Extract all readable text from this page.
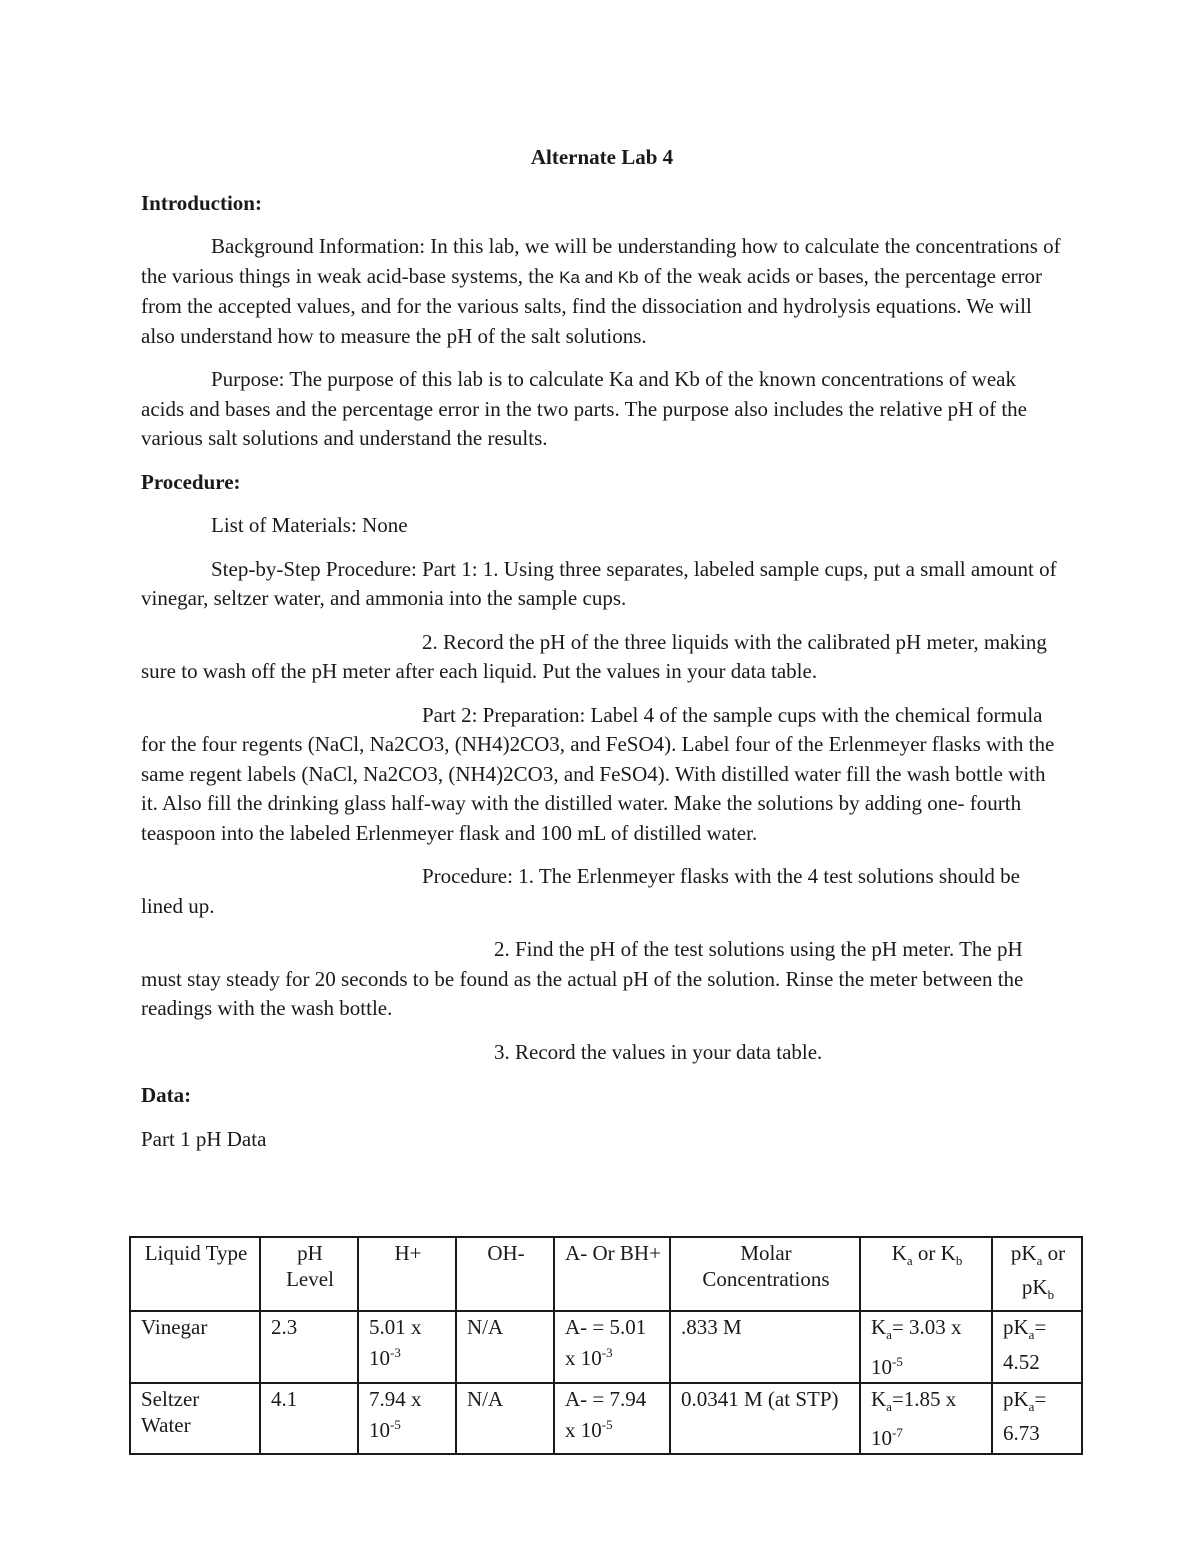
Alternate Lab 4
Introduction:

Background Information: In this lab, we will be understanding how to calculate the concentrations of the various things in weak acid-base systems, the Ka and Kb of the weak acids or bases, the percentage error from the accepted values, and for the various salts, find the dissociation and hydrolysis equations. We will also understand how to measure the pH of the salt solutions.

Purpose: The purpose of this lab is to calculate Ka and Kb of the known concentrations of weak acids and bases and the percentage error in the two parts. The purpose also includes the relative pH of the various salt solutions and understand the results.

Procedure:

List of Materials: None

Step-by-Step Procedure: Part 1: 1. Using three separates, labeled sample cups, put a small amount of vinegar, seltzer water, and ammonia into the sample cups.

2. Record the pH of the three liquids with the calibrated pH meter, making sure to wash off the pH meter after each liquid. Put the values in your data table.

Part 2: Preparation: Label 4 of the sample cups with the chemical formula for the four regents (NaCl, Na2CO3, (NH4)2CO3, and FeSO4). Label four of the Erlenmeyer flasks with the same regent labels (NaCl, Na2CO3, (NH4)2CO3, and FeSO4). With distilled water fill the wash bottle with it. Also fill the drinking glass half-way with the distilled water. Make the solutions by adding one- fourth teaspoon into the labeled Erlenmeyer flask and 100 mL of distilled water.

Procedure: 1. The Erlenmeyer flasks with the 4 test solutions should be lined up.

2. Find the pH of the test solutions using the pH meter. The pH must stay steady for 20 seconds to be found as the actual pH of the solution. Rinse the meter between the readings with the wash bottle.

3. Record the values in your data table.

Data:

Part 1 pH Data

Liquid Type	pH Level	H+	OH-	A- Or BH+	Molar Concentrations	$K_a$ or $K_b$	$pK_a$ or $pK_b$
Vinegar	2.3	5.01 x $10^{-3}$	N/A	A- = 5.01 x $10^{-3}$	.833 M	$K_a= 3.03$ x $10^{-5}$	$pK_a= 4.52$
Seltzer Water	4.1	7.94 x $10^{-5}$	N/A	A- = 7.94 x $10^{-5}$	0.0341 M (at STP)	$K_a=1.85$ x $10^{-7}$	$pK_a= 6.73$
